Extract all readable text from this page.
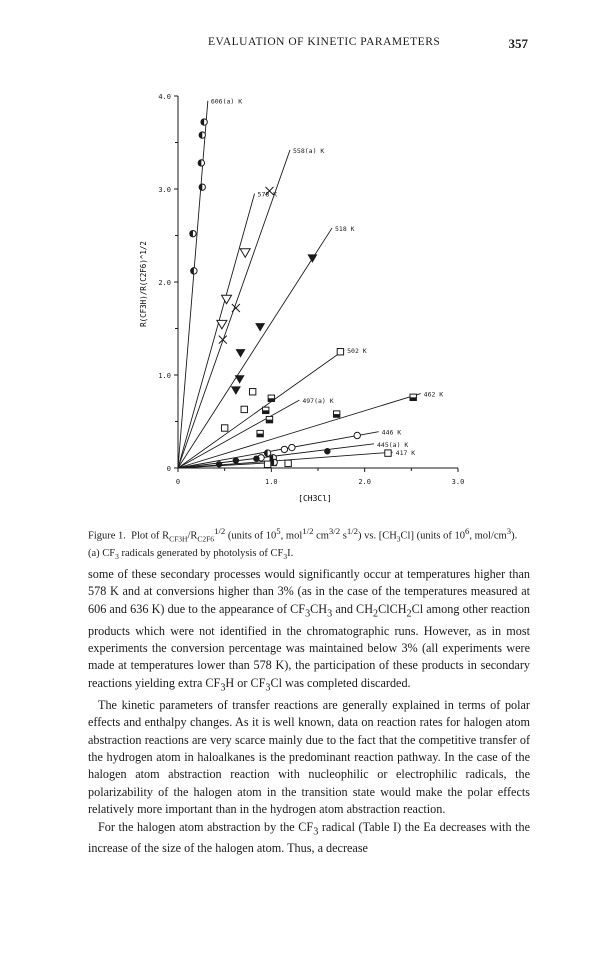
EVALUATION OF KINETIC PARAMETERS	357
0
1.0
2.0
3.0
4.0
0	1.0	2.0	3.0
606(a) K
578 K
558(a) K
518 K
502 K
497(a) K
462 K
446 K
445(a) K
417 K
R(CF3H)/R(C2F6)^1/2
[CH3Cl]
Figure 1. Plot of $R_{CF3H}/R_{C2F6}^{1/2}$ (units of $10^5$, mol$^{1/2}$ $cm^{3/2}$ $s^{1/2}$) vs. $[CH_3Cl]$ (units of $10^6$, mol/$cm^3$). (a) $CF_3$ radicals generated by photolysis of $CF_3I$.

some of these secondary processes would significantly occur at temperatures higher than 578 K and at conversions higher than 3% (as in the case of the temperatures measured at 606 and 636 K) due to the appearance of $CF_3CH_3$ and $CH_2ClCH_2Cl$ among other reaction products which were not identified in the chromatographic runs. However, as in most experiments the conversion percentage was maintained below 3% (all experiments were made at temperatures lower than 578 K), the participation of these products in secondary reactions yielding extra $CF_3H$ or $CF_3Cl$ was completed discarded.

The kinetic parameters of transfer reactions are generally explained in terms of polar effects and enthalpy changes. As it is well known, data on reaction rates for halogen atom abstraction reactions are very scarce mainly due to the fact that the competitive transfer of the hydrogen atom in haloalkanes is the predominant reaction pathway. In the case of the halogen atom abstraction reaction with nucleophilic or electrophilic radicals, the polarizability of the halogen atom in the transition state would make the polar effects relatively more important than in the hydrogen atom abstraction reaction.

For the halogen atom abstraction by the $CF_3$ radical (Table I) the Ea decreases with the increase of the size of the halogen atom. Thus, a decrease
